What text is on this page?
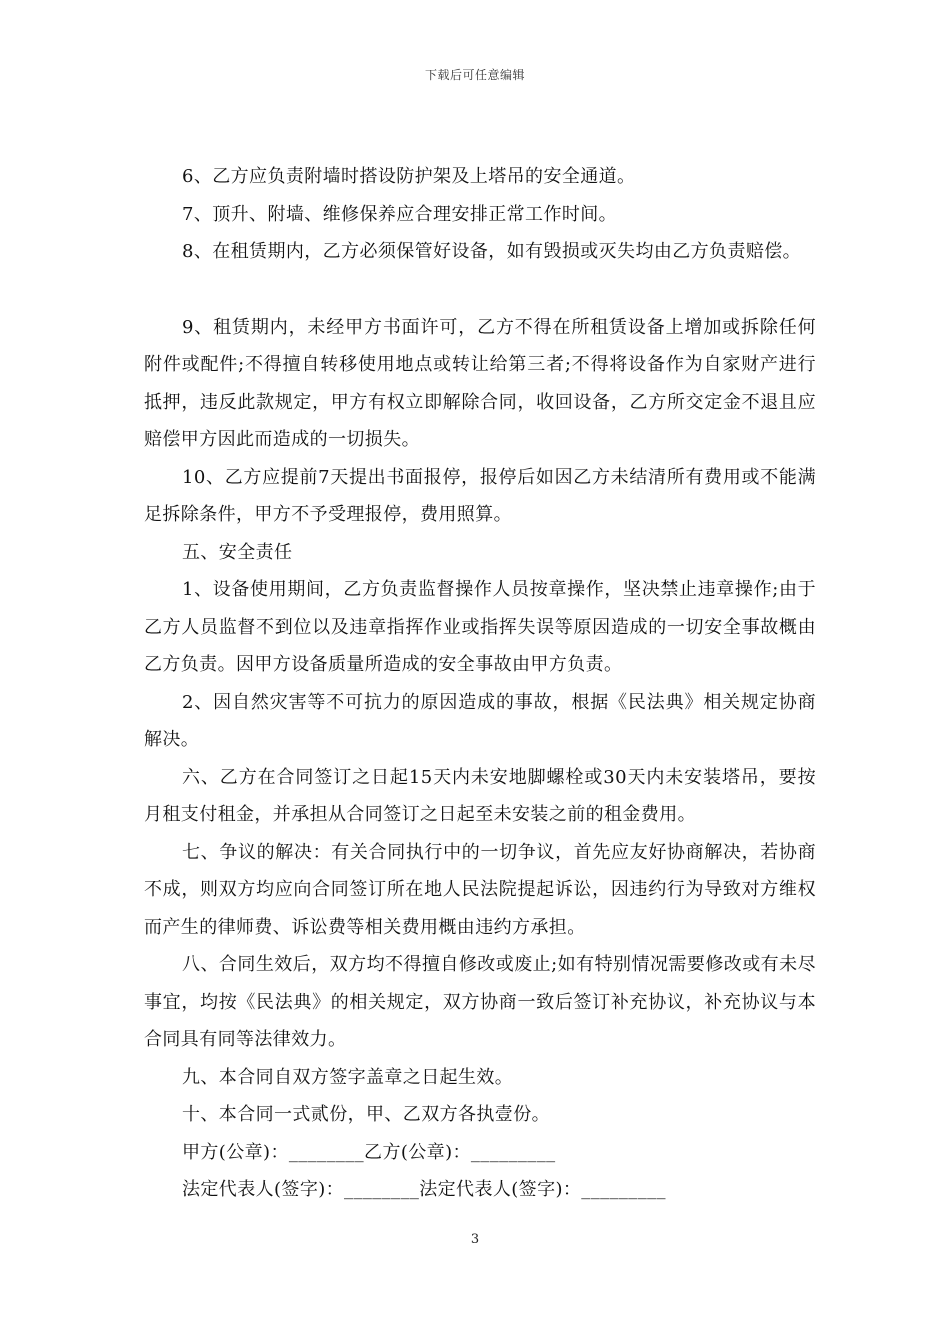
下载后可任意编辑

6、乙方应负责附墙时搭设防护架及上塔吊的安全通道。

7、顶升、附墙、维修保养应合理安排正常工作时间。

8、在租赁期内，乙方必须保管好设备，如有毁损或灭失均由乙方负责赔偿。

9、租赁期内，未经甲方书面许可，乙方不得在所租赁设备上增加或拆除任何附件或配件;不得擅自转移使用地点或转让给第三者;不得将设备作为自家财产进行抵押，违反此款规定，甲方有权立即解除合同，收回设备，乙方所交定金不退且应赔偿甲方因此而造成的一切损失。

10、乙方应提前7天提出书面报停，报停后如因乙方未结清所有费用或不能满足拆除条件，甲方不予受理报停，费用照算。

五、安全责任

1、设备使用期间，乙方负责监督操作人员按章操作，坚决禁止违章操作;由于乙方人员监督不到位以及违章指挥作业或指挥失误等原因造成的一切安全事故概由乙方负责。因甲方设备质量所造成的安全事故由甲方负责。

2、因自然灾害等不可抗力的原因造成的事故，根据《民法典》相关规定协商解决。

六、乙方在合同签订之日起15天内未安地脚螺栓或30天内未安装塔吊，要按月租支付租金，并承担从合同签订之日起至未安装之前的租金费用。

七、争议的解决：有关合同执行中的一切争议，首先应友好协商解决，若协商不成，则双方均应向合同签订所在地人民法院提起诉讼，因违约行为导致对方维权而产生的律师费、诉讼费等相关费用概由违约方承担。

八、合同生效后，双方均不得擅自修改或废止;如有特别情况需要修改或有未尽事宜，均按《民法典》的相关规定，双方协商一致后签订补充协议，补充协议与本合同具有同等法律效力。

九、本合同自双方签字盖章之日起生效。

十、本合同一式贰份，甲、乙双方各执壹份。

甲方(公章)：________乙方(公章)：_________

法定代表人(签字)：________法定代表人(签字)：_________

3
